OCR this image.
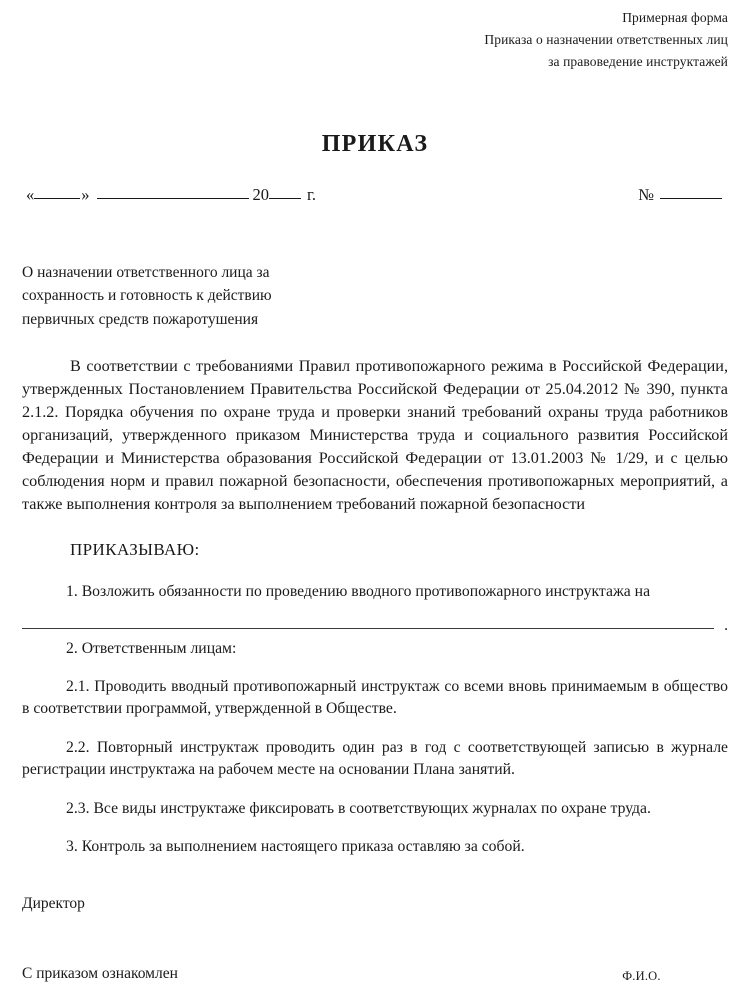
Примерная форма
Приказа о назначении ответственных лиц
за правоведение инструктажей
ПРИКАЗ
«	»	20 г.	№
О назначении ответственного лица за
сохранность и готовность к действию
первичных средств пожаротушения

В соответствии с требованиями Правил противопожарного режима в Российской Федерации, утвержденных Постановлением Правительства Российской Федерации от 25.04.2012 № 390, пункта 2.1.2. Порядка обучения по охране труда и проверки знаний требований охраны труда работников организаций, утвержденного приказом Министерства труда и социального развития Российской Федерации и Министерства образования Российской Федерации от 13.01.2003 № 1/29, и с целью соблюдения норм и правил пожарной безопасности, обеспечения противопожарных мероприятий, а также выполнения контроля за выполнением требований пожарной безопасности

ПРИКАЗЫВАЮ:

1. Возложить обязанности по проведению вводного противопожарного инструктажа на

.

2. Ответственным лицам:

2.1. Проводить вводный противопожарный инструктаж со всеми вновь принимаемым в общество в соответствии программой, утвержденной в Обществе.

2.2. Повторный инструктаж проводить один раз в год с соответствующей записью в журнале регистрации инструктажа на рабочем месте на основании Плана занятий.

2.3. Все виды инструктаже фиксировать в соответствующих журналах по охране труда.

3. Контроль за выполнением настоящего приказа оставляю за собой.

Директор
С приказом ознакомлен	Ф.И.О.
